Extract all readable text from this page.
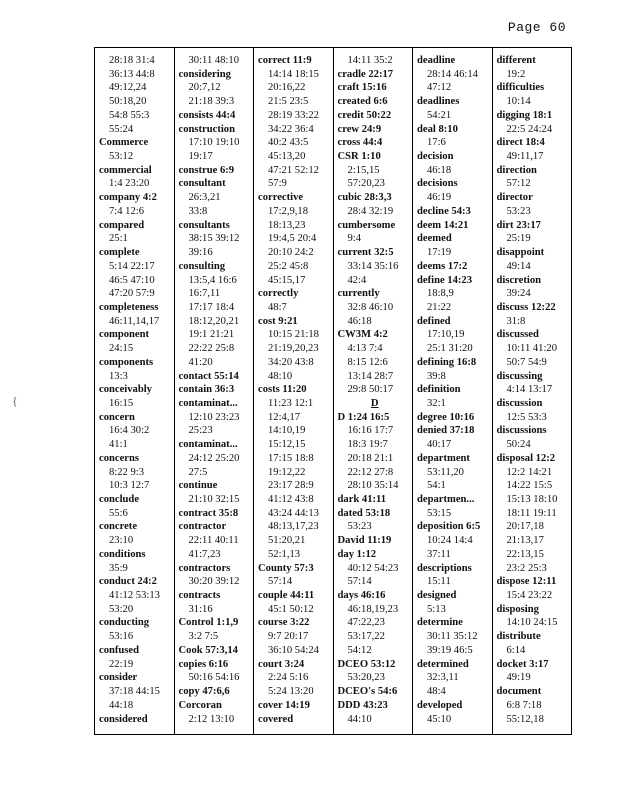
Page 60
{
28:18 31:4
36:13 44:8
49:12,24
50:18,20
54:8 55:3
55:24
Commerce
53:12
commercial
1:4 23:20
company 4:2
7:4 12:6
compared
25:1
complete
5:14 22:17
46:5 47:10
47:20 57:9
completeness
46:11,14,17
component
24:15
components
13:3
conceivably
16:15
concern
16:4 30:2
41:1
concerns
8:22 9:3
10:3 12:7
conclude
55:6
concrete
23:10
conditions
35:9
conduct 24:2
41:12 53:13
53:20
conducting
53:16
confused
22:19
consider
37:18 44:15
44:18
considered
30:11 48:10
considering
20:7,12
21:18 39:3
consists 44:4
construction
17:10 19:10
19:17
construe 6:9
consultant
26:3,21
33:8
consultants
38:15 39:12
39:16
consulting
13:5,4 16:6
16:7,11
17:17 18:4
18:12,20,21
19:1 21:21
22:22 25:8
41:20
contact 55:14
contain 36:3
contaminat...
12:10 23:23
25:23
contaminat...
24:12 25:20
27:5
continue
21:10 32:15
contract 35:8
contractor
22:11 40:11
41:7,23
contractors
30:20 39:12
contracts
31:16
Control 1:1,9
3:2 7:5
Cook 57:3,14
copies 6:16
50:16 54:16
copy 47:6,6
Corcoran
2:12 13:10
correct 11:9
14:14 18:15
20:16,22
21:5 23:5
28:19 33:22
34:22 36:4
40:2 43:5
45:13,20
47:21 52:12
57:9
corrective
17:2,9,18
18:13,23
19:4,5 20:4
20:10 24:2
25:2 45:8
45:15,17
correctly
48:7
cost 9:21
10:15 21:18
21:19,20,23
34:20 43:8
48:10
costs 11:20
11:23 12:1
12:4,17
14:10,19
15:12,15
17:15 18:8
19:12,22
23:17 28:9
41:12 43:8
43:24 44:13
48:13,17,23
51:20,21
52:1,13
County 57:3
57:14
couple 44:11
45:1 50:12
course 3:22
9:7 20:17
36:10 54:24
court 3:24
2:24 5:16
5:24 13:20
cover 14:19
covered
14:11 35:2
cradle 22:17
craft 15:16
created 6:6
credit 50:22
crew 24:9
cross 44:4
CSR 1:10
2:15,15
57:20,23
cubic 28:3,3
28:4 32:19
cumbersome
9:4
current 32:5
33:14 35:16
42:4
currently
32:8 46:10
46:18
CW3M 4:2
4:13 7:4
8:15 12:6
13:14 28:7
29:8 50:17
D
D 1:24 16:5
16:16 17:7
18:3 19:7
20:18 21:1
22:12 27:8
28:10 35:14
dark 41:11
dated 53:18
53:23
David 11:19
day 1:12
40:12 54:23
57:14
days 46:16
46:18,19,23
47:22,23
53:17,22
54:12
DCEO 53:12
53:20,23
DCEO's 54:6
DDD 43:23
44:10
deadline
28:14 46:14
47:12
deadlines
54:21
deal 8:10
17:6
decision
46:18
decisions
46:19
decline 54:3
deem 14:21
deemed
17:19
deems 17:2
define 14:23
18:8,9
21:22
defined
17:10,19
25:1 31:20
defining 16:8
39:8
definition
32:1
degree 10:16
denied 37:18
40:17
department
53:11,20
54:1
departmen...
53:15
deposition 6:5
10:24 14:4
37:11
descriptions
15:11
designed
5:13
determine
30:11 35:12
39:19 46:5
determined
32:3,11
48:4
developed
45:10
different
19:2
difficulties
10:14
digging 18:1
22:5 24:24
direct 18:4
49:11,17
direction
57:12
director
53:23
dirt 23:17
25:19
disappoint
49:14
discretion
39:24
discuss 12:22
31:8
discussed
10:11 41:20
50:7 54:9
discussing
4:14 13:17
discussion
12:5 53:3
discussions
50:24
disposal 12:2
12:2 14:21
14:22 15:5
15:13 18:10
18:11 19:11
20:17,18
21:13,17
22:13,15
23:2 25:3
dispose 12:11
15:4 23:22
disposing
14:10 24:15
distribute
6:14
docket 3:17
49:19
document
6:8 7:18
55:12,18
